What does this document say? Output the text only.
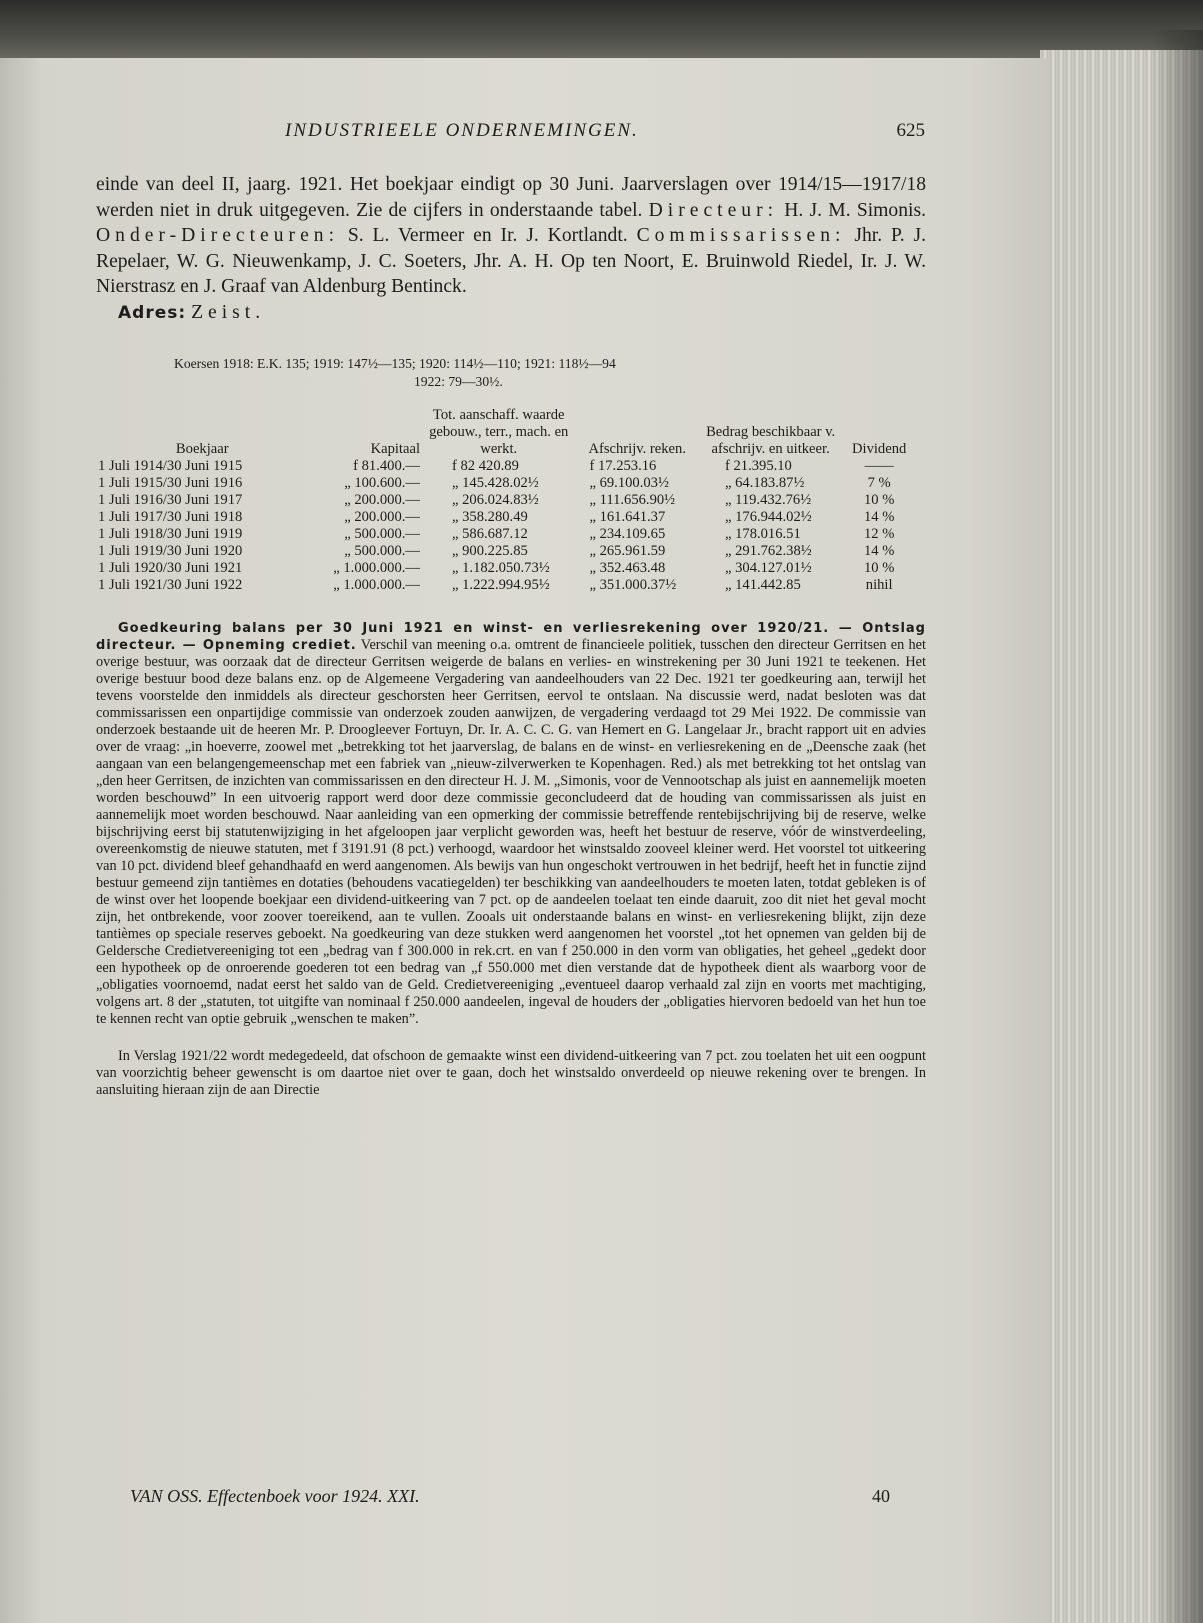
INDUSTRIEELE ONDERNEMINGEN.	625

einde van deel II, jaarg. 1921. Het boekjaar eindigt op 30 Juni. Jaarverslagen over 1914/15—1917/18 werden niet in druk uitgegeven. Zie de cijfers in onderstaande tabel. Directeur: H. J. M. Simonis. Onder-Directeuren: S. L. Vermeer en Ir. J. Kortlandt. Commissarissen: Jhr. P. J. Repelaer, W. G. Nieuwenkamp, J. C. Soeters, Jhr. A. H. Op ten Noort, E. Bruinwold Riedel, Ir. J. W. Nierstrasz en J. Graaf van Aldenburg Bentinck.
Adres: Zeist.

Koersen 1918: E.K. 135; 1919: 147½—135; 1920: 114½—110; 1921: 118½—94
1922: 79—30½.
Boekjaar	Kapitaal	Tot. aanschaff. waarde gebouw., terr., mach. en werkt.	Afschrijv. reken.	Bedrag beschikbaar v. afschrijv. en uitkeer.	Dividend
1 Juli 1914/30 Juni 1915	f 81.400.—	f 82 420.89	f 17.253.16	f 21.395.10	——
1 Juli 1915/30 Juni 1916	„ 100.600.—	„ 145.428.02½	„ 69.100.03½	„ 64.183.87½	7 %
1 Juli 1916/30 Juni 1917	„ 200.000.—	„ 206.024.83½	„ 111.656.90½	„ 119.432.76½	10 %
1 Juli 1917/30 Juni 1918	„ 200.000.—	„ 358.280.49	„ 161.641.37	„ 176.944.02½	14 %
1 Juli 1918/30 Juni 1919	„ 500.000.—	„ 586.687.12	„ 234.109.65	„ 178.016.51	12 %
1 Juli 1919/30 Juni 1920	„ 500.000.—	„ 900.225.85	„ 265.961.59	„ 291.762.38½	14 %
1 Juli 1920/30 Juni 1921	„ 1.000.000.—	„ 1.182.050.73½	„ 352.463.48	„ 304.127.01½	10 %
1 Juli 1921/30 Juni 1922	„ 1.000.000.—	„ 1.222.994.95½	„ 351.000.37½	„ 141.442.85	nihil

Goedkeuring balans per 30 Juni 1921 en winst- en verliesrekening over 1920/21. — Ontslag directeur. — Opneming crediet. Verschil van meening o.a. omtrent de financieele politiek, tusschen den directeur Gerritsen en het overige bestuur, was oorzaak dat de directeur Gerritsen weigerde de balans en verlies- en winstrekening per 30 Juni 1921 te teekenen. Het overige bestuur bood deze balans enz. op de Algemeene Vergadering van aandeelhouders van 22 Dec. 1921 ter goedkeuring aan, terwijl het tevens voorstelde den inmiddels als directeur geschorsten heer Gerritsen, eervol te ontslaan. Na discussie werd, nadat besloten was dat commissarissen een onpartijdige commissie van onderzoek zouden aanwijzen, de vergadering verdaagd tot 29 Mei 1922. De commissie van onderzoek bestaande uit de heeren Mr. P. Droogleever Fortuyn, Dr. Ir. A. C. C. G. van Hemert en G. Langelaar Jr., bracht rapport uit en advies over de vraag: „in hoeverre, zoowel met „betrekking tot het jaarverslag, de balans en de winst- en verliesrekening en de „Deensche zaak (het aangaan van een belangengemeenschap met een fabriek van „nieuw-zilverwerken te Kopenhagen. Red.) als met betrekking tot het ontslag van „den heer Gerritsen, de inzichten van commissarissen en den directeur H. J. M. „Simonis, voor de Vennootschap als juist en aannemelijk moeten worden beschouwd” In een uitvoerig rapport werd door deze commissie geconcludeerd dat de houding van commissarissen als juist en aannemelijk moet worden beschouwd. Naar aanleiding van een opmerking der commissie betreffende rentebijschrijving bij de reserve, welke bijschrijving eerst bij statutenwijziging in het afgeloopen jaar verplicht geworden was, heeft het bestuur de reserve, vóór de winstverdeeling, overeenkomstig de nieuwe statuten, met f 3191.91 (8 pct.) verhoogd, waardoor het winstsaldo zooveel kleiner werd. Het voorstel tot uitkeering van 10 pct. dividend bleef gehandhaafd en werd aangenomen. Als bewijs van hun ongeschokt vertrouwen in het bedrijf, heeft het in functie zijnd bestuur gemeend zijn tantièmes en dotaties (behoudens vacatiegelden) ter beschikking van aandeelhouders te moeten laten, totdat gebleken is of de winst over het loopende boekjaar een dividend-uitkeering van 7 pct. op de aandeelen toelaat ten einde daaruit, zoo dit niet het geval mocht zijn, het ontbrekende, voor zoover toereikend, aan te vullen. Zooals uit onderstaande balans en winst- en verliesrekening blijkt, zijn deze tantièmes op speciale reserves geboekt. Na goedkeuring van deze stukken werd aangenomen het voorstel „tot het opnemen van gelden bij de Geldersche Credietvereeniging tot een „bedrag van f 300.000 in rek.crt. en van f 250.000 in den vorm van obligaties, het geheel „gedekt door een hypotheek op de onroerende goederen tot een bedrag van „f 550.000 met dien verstande dat de hypotheek dient als waarborg voor de „obligaties voornoemd, nadat eerst het saldo van de Geld. Credietvereeniging „eventueel daarop verhaald zal zijn en voorts met machtiging, volgens art. 8 der „statuten, tot uitgifte van nominaal f 250.000 aandeelen, ingeval de houders der „obligaties hiervoren bedoeld van het hun toe te kennen recht van optie gebruik „wenschen te maken”.

In Verslag 1921/22 wordt medegedeeld, dat ofschoon de gemaakte winst een dividend-uitkeering van 7 pct. zou toelaten het uit een oogpunt van voorzichtig beheer gewenscht is om daartoe niet over te gaan, doch het winstsaldo onverdeeld op nieuwe rekening over te brengen. In aansluiting hieraan zijn de aan Directie

VAN OSS. Effectenboek voor 1924. XXI.	40
